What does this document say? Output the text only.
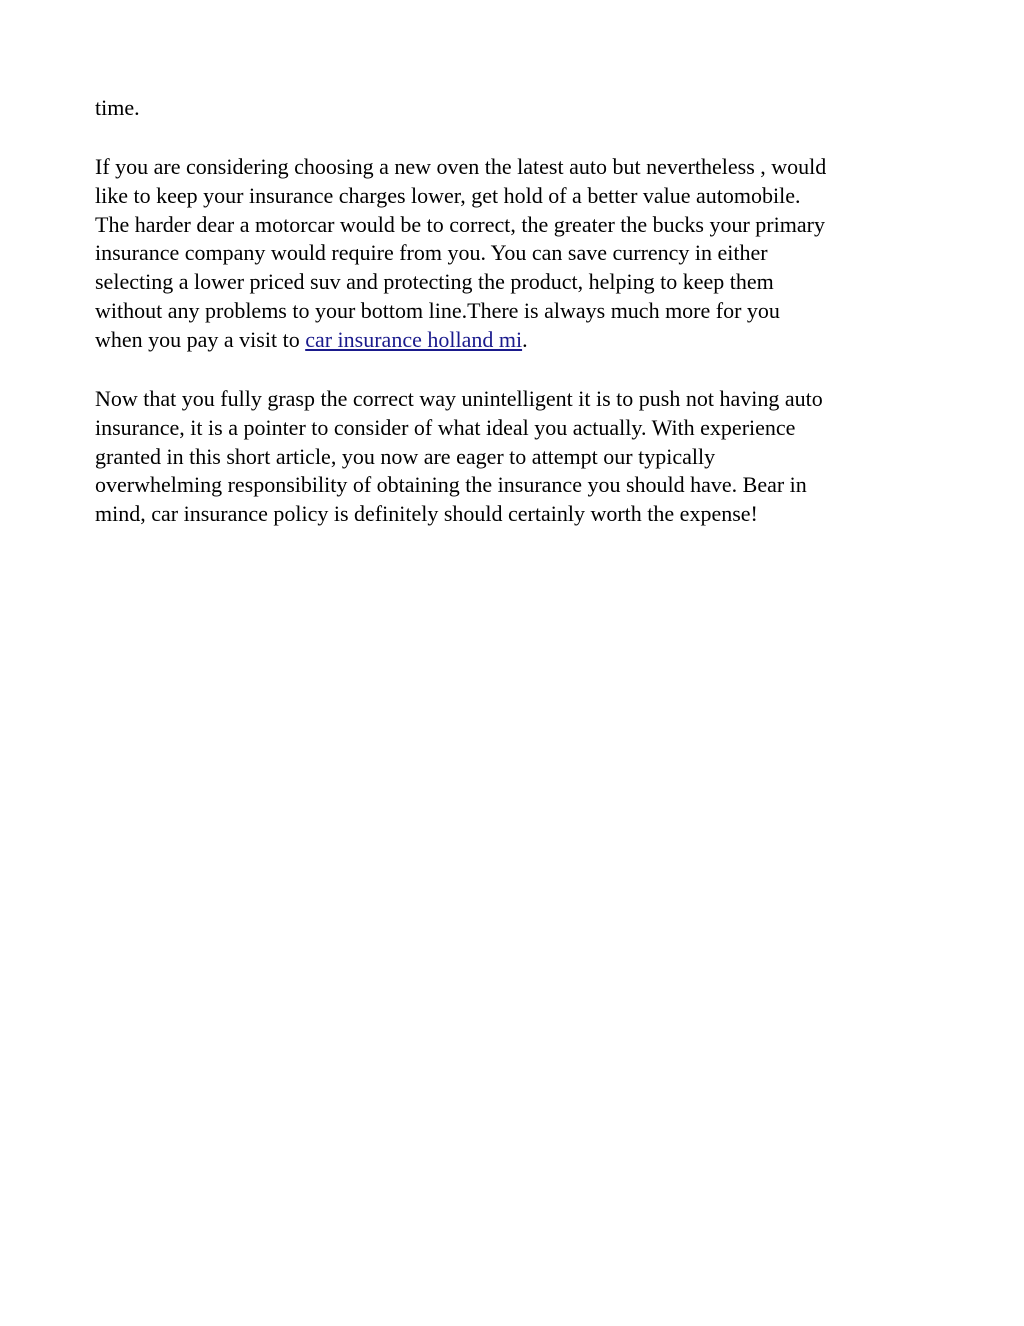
time.
If you are considering choosing a new oven the latest auto but nevertheless , would
like to keep your insurance charges lower, get hold of a better value automobile.
The harder dear a motorcar would be to correct, the greater the bucks your primary
insurance company would require from you. You can save currency in either
selecting a lower priced suv and protecting the product, helping to keep them
without any problems to your bottom line.There is always much more for you
when you pay a visit to car insurance holland mi.
Now that you fully grasp the correct way unintelligent it is to push not having auto
insurance, it is a pointer to consider of what ideal you actually. With experience
granted in this short article, you now are eager to attempt our typically
overwhelming responsibility of obtaining the insurance you should have. Bear in
mind, car insurance policy is definitely should certainly worth the expense!
